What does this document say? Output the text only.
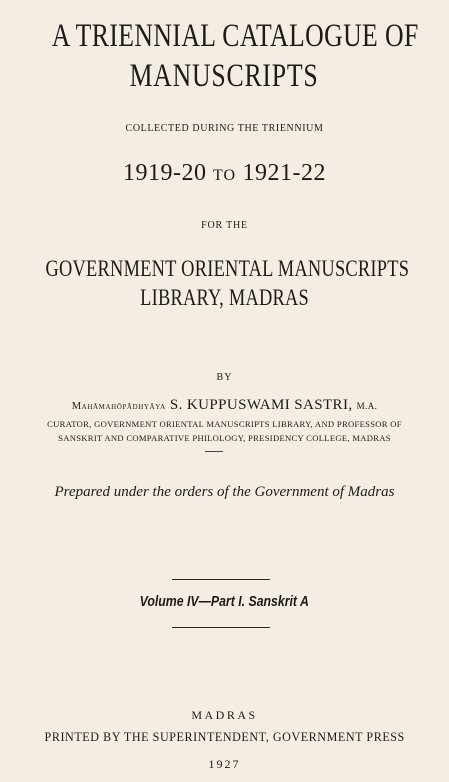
A TRIENNIAL CATALOGUE OF
MANUSCRIPTS
COLLECTED DURING THE TRIENNIUM
1919-20 TO 1921-22
FOR THE
GOVERNMENT ORIENTAL MANUSCRIPTS
LIBRARY, MADRAS
BY
Mahāmahōpādhyāya S. KUPPUSWAMI SASTRI, M.A.
CURATOR, GOVERNMENT ORIENTAL MANUSCRIPTS LIBRARY, AND PROFESSOR OF
SANSKRIT AND COMPARATIVE PHILOLOGY, PRESIDENCY COLLEGE, MADRAS
Prepared under the orders of the Government of Madras
Volume IV—Part I. Sanskrit A
MADRAS
PRINTED BY THE SUPERINTENDENT, GOVERNMENT PRESS
1927
